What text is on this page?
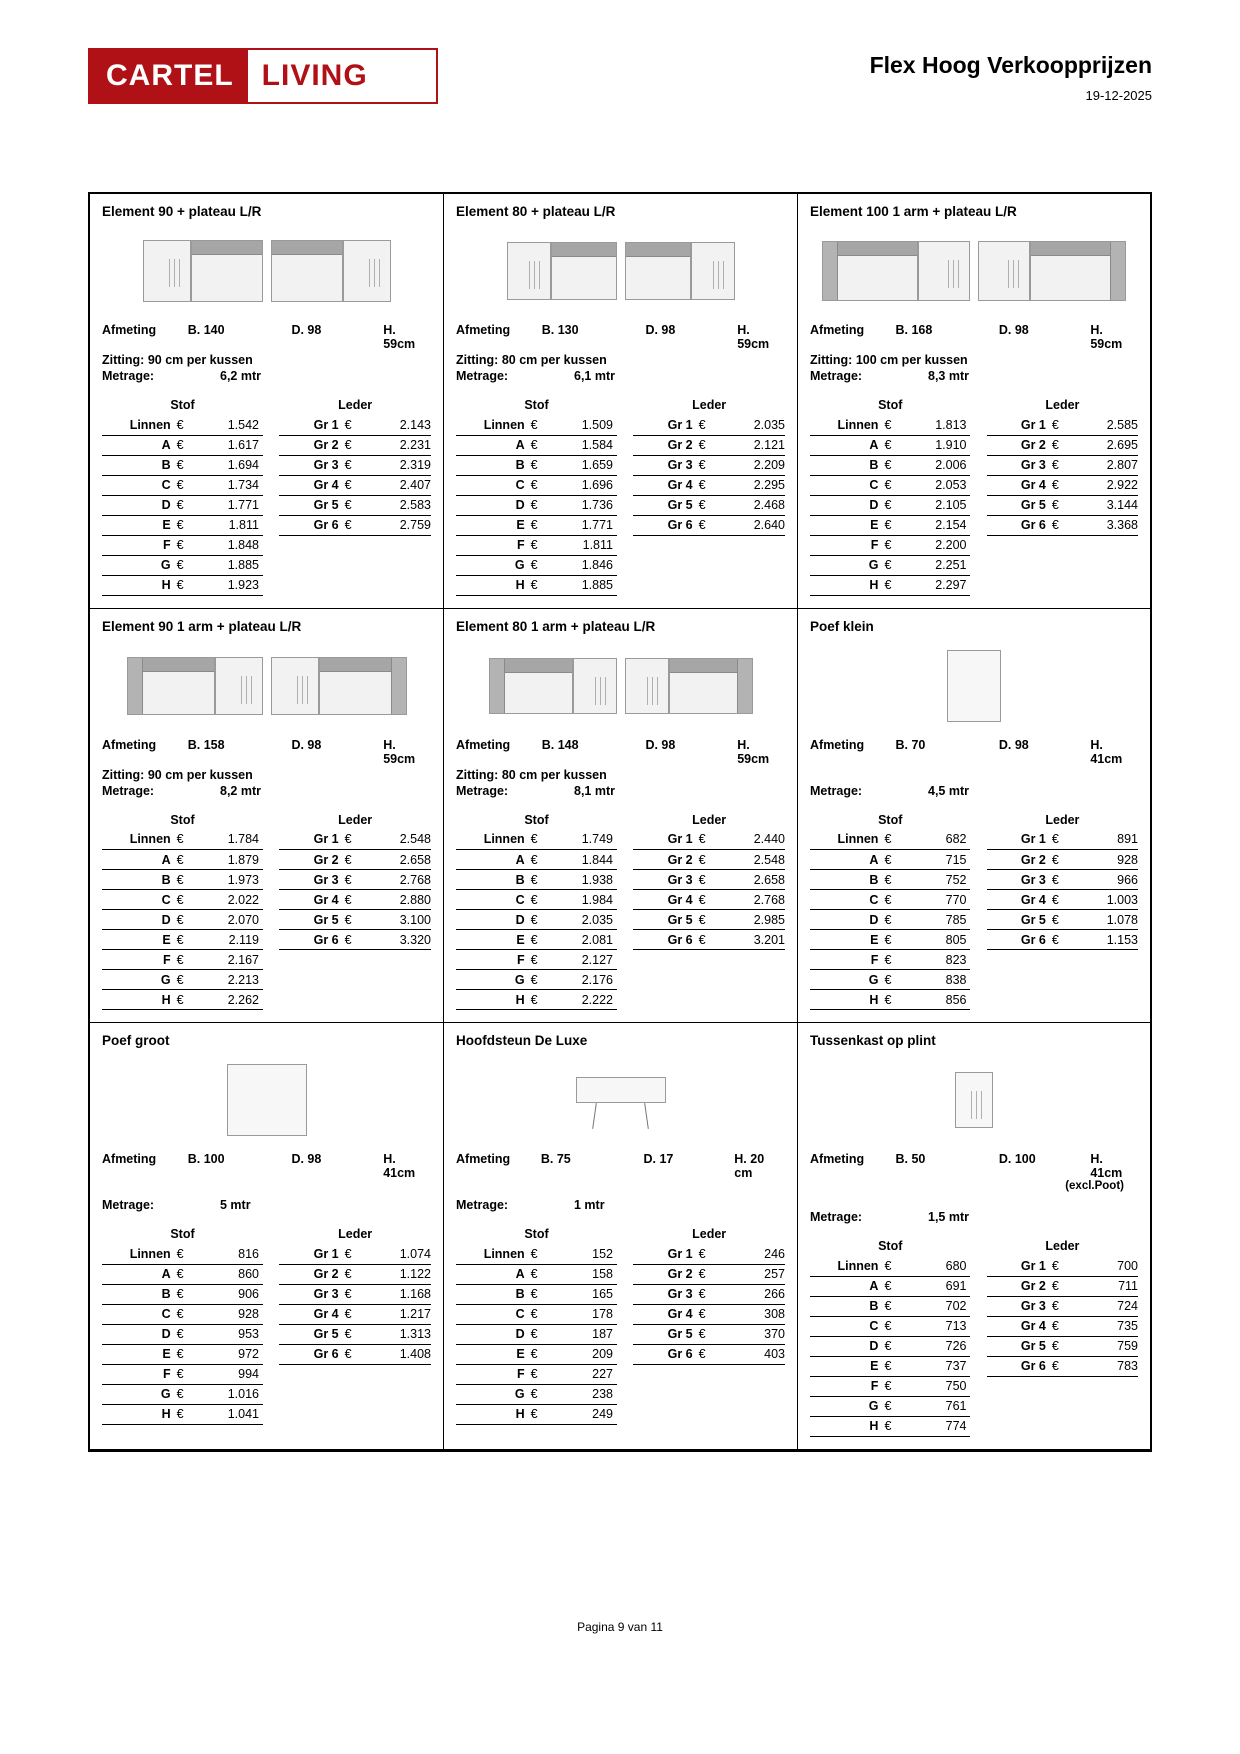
CARTEL LIVING	Flex Hoog Verkoopprijzen
19-12-2025
Element 90 + plateau L/R
Afmeting	B. 140	D. 98	H. 59cm
Zitting: 90 cm per kussen
Metrage:	6,2 mtr
Stof				Leder		
Linnen	€	1.542		Gr 1	€	2.143
A	€	1.617		Gr 2	€	2.231
B	€	1.694		Gr 3	€	2.319
C	€	1.734		Gr 4	€	2.407
D	€	1.771		Gr 5	€	2.583
E	€	1.811		Gr 6	€	2.759
F	€	1.848				
G	€	1.885				
H	€	1.923				
Element 80 + plateau L/R
Afmeting	B. 130	D. 98	H. 59cm
Zitting: 80 cm per kussen
Metrage:	6,1 mtr
Stof				Leder		
Linnen	€	1.509		Gr 1	€	2.035
A	€	1.584		Gr 2	€	2.121
B	€	1.659		Gr 3	€	2.209
C	€	1.696		Gr 4	€	2.295
D	€	1.736		Gr 5	€	2.468
E	€	1.771		Gr 6	€	2.640
F	€	1.811				
G	€	1.846				
H	€	1.885				
Element 100 1 arm + plateau L/R
Afmeting	B. 168	D. 98	H. 59cm
Zitting: 100 cm per kussen
Metrage:	8,3 mtr
Stof				Leder		
Linnen	€	1.813		Gr 1	€	2.585
A	€	1.910		Gr 2	€	2.695
B	€	2.006		Gr 3	€	2.807
C	€	2.053		Gr 4	€	2.922
D	€	2.105		Gr 5	€	3.144
E	€	2.154		Gr 6	€	3.368
F	€	2.200				
G	€	2.251				
H	€	2.297				
Element 90 1 arm + plateau L/R
Afmeting	B. 158	D. 98	H. 59cm
Zitting: 90 cm per kussen
Metrage:	8,2 mtr
Stof				Leder		
Linnen	€	1.784		Gr 1	€	2.548
A	€	1.879		Gr 2	€	2.658
B	€	1.973		Gr 3	€	2.768
C	€	2.022		Gr 4	€	2.880
D	€	2.070		Gr 5	€	3.100
E	€	2.119		Gr 6	€	3.320
F	€	2.167				
G	€	2.213				
H	€	2.262				
Element 80 1 arm + plateau L/R
Afmeting	B. 148	D. 98	H. 59cm
Zitting: 80 cm per kussen
Metrage:	8,1 mtr
Stof				Leder		
Linnen	€	1.749		Gr 1	€	2.440
A	€	1.844		Gr 2	€	2.548
B	€	1.938		Gr 3	€	2.658
C	€	1.984		Gr 4	€	2.768
D	€	2.035		Gr 5	€	2.985
E	€	2.081		Gr 6	€	3.201
F	€	2.127				
G	€	2.176				
H	€	2.222				
Poef klein
Afmeting	B. 70	D. 98	H. 41cm

Metrage:	4,5 mtr
Stof				Leder		
Linnen	€	682		Gr 1	€	891
A	€	715		Gr 2	€	928
B	€	752		Gr 3	€	966
C	€	770		Gr 4	€	1.003
D	€	785		Gr 5	€	1.078
E	€	805		Gr 6	€	1.153
F	€	823				
G	€	838				
H	€	856				
Poef groot
Afmeting	B. 100	D. 98	H. 41cm

Metrage:	5 mtr
Stof				Leder		
Linnen	€	816		Gr 1	€	1.074
A	€	860		Gr 2	€	1.122
B	€	906		Gr 3	€	1.168
C	€	928		Gr 4	€	1.217
D	€	953		Gr 5	€	1.313
E	€	972		Gr 6	€	1.408
F	€	994				
G	€	1.016				
H	€	1.041				
Hoofdsteun De Luxe
Afmeting	B. 75	D. 17	H. 20 cm

Metrage:	1 mtr
Stof				Leder		
Linnen	€	152		Gr 1	€	246
A	€	158		Gr 2	€	257
B	€	165		Gr 3	€	266
C	€	178		Gr 4	€	308
D	€	187		Gr 5	€	370
E	€	209		Gr 6	€	403
F	€	227				
G	€	238				
H	€	249				
Tussenkast op plint
Afmeting	B. 50	D. 100	H. 41cm
(excl.Poot)

Metrage:	1,5 mtr
Stof				Leder		
Linnen	€	680		Gr 1	€	700
A	€	691		Gr 2	€	711
B	€	702		Gr 3	€	724
C	€	713		Gr 4	€	735
D	€	726		Gr 5	€	759
E	€	737		Gr 6	€	783
F	€	750				
G	€	761				
H	€	774				
Pagina 9 van 11
